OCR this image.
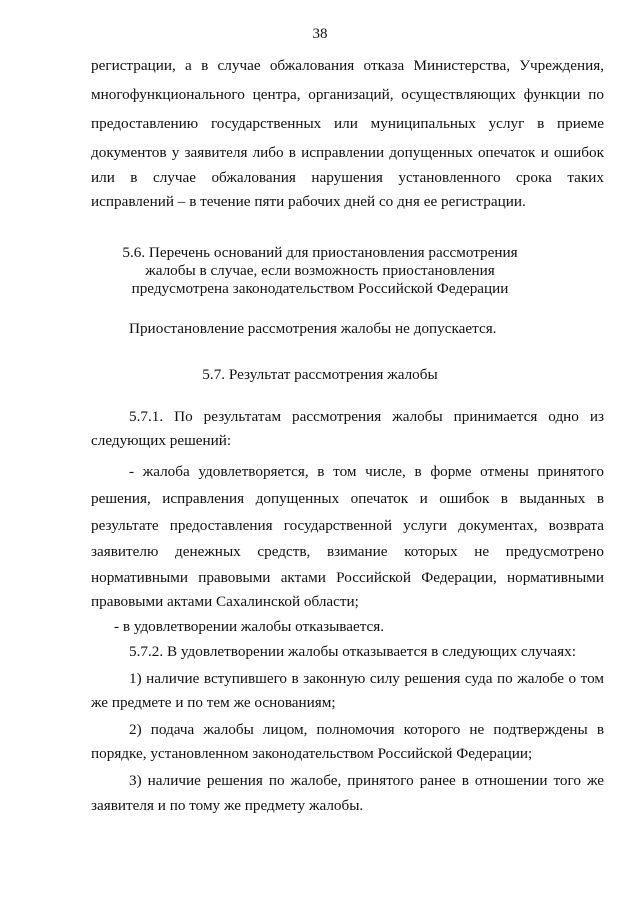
38
регистрации, а в случае обжалования отказа Министерства, Учреждения,
многофункционального центра, организаций, осуществляющих функции по
предоставлению государственных или муниципальных услуг в приеме
документов у заявителя либо в исправлении допущенных опечаток и ошибок
или в случае обжалования нарушения установленного срока таких
исправлений – в течение пяти рабочих дней со дня ее регистрации.
5.6. Перечень оснований для приостановления рассмотрения
жалобы в случае, если возможность приостановления
предусмотрена законодательством Российской Федерации
Приостановление рассмотрения жалобы не допускается.
5.7. Результат рассмотрения жалобы
5.7.1. По результатам рассмотрения жалобы принимается одно из
следующих решений:
- жалоба удовлетворяется, в том числе, в форме отмены принятого
решения, исправления допущенных опечаток и ошибок в выданных в
результате предоставления государственной услуги документах, возврата
заявителю денежных средств, взимание которых не предусмотрено
нормативными правовыми актами Российской Федерации, нормативными
правовыми актами Сахалинской области;
- в удовлетворении жалобы отказывается.
5.7.2. В удовлетворении жалобы отказывается в следующих случаях:
1) наличие вступившего в законную силу решения суда по жалобе о том
же предмете и по тем же основаниям;
2) подача жалобы лицом, полномочия которого не подтверждены в
порядке, установленном законодательством Российской Федерации;
3) наличие решения по жалобе, принятого ранее в отношении того же
заявителя и по тому же предмету жалобы.
